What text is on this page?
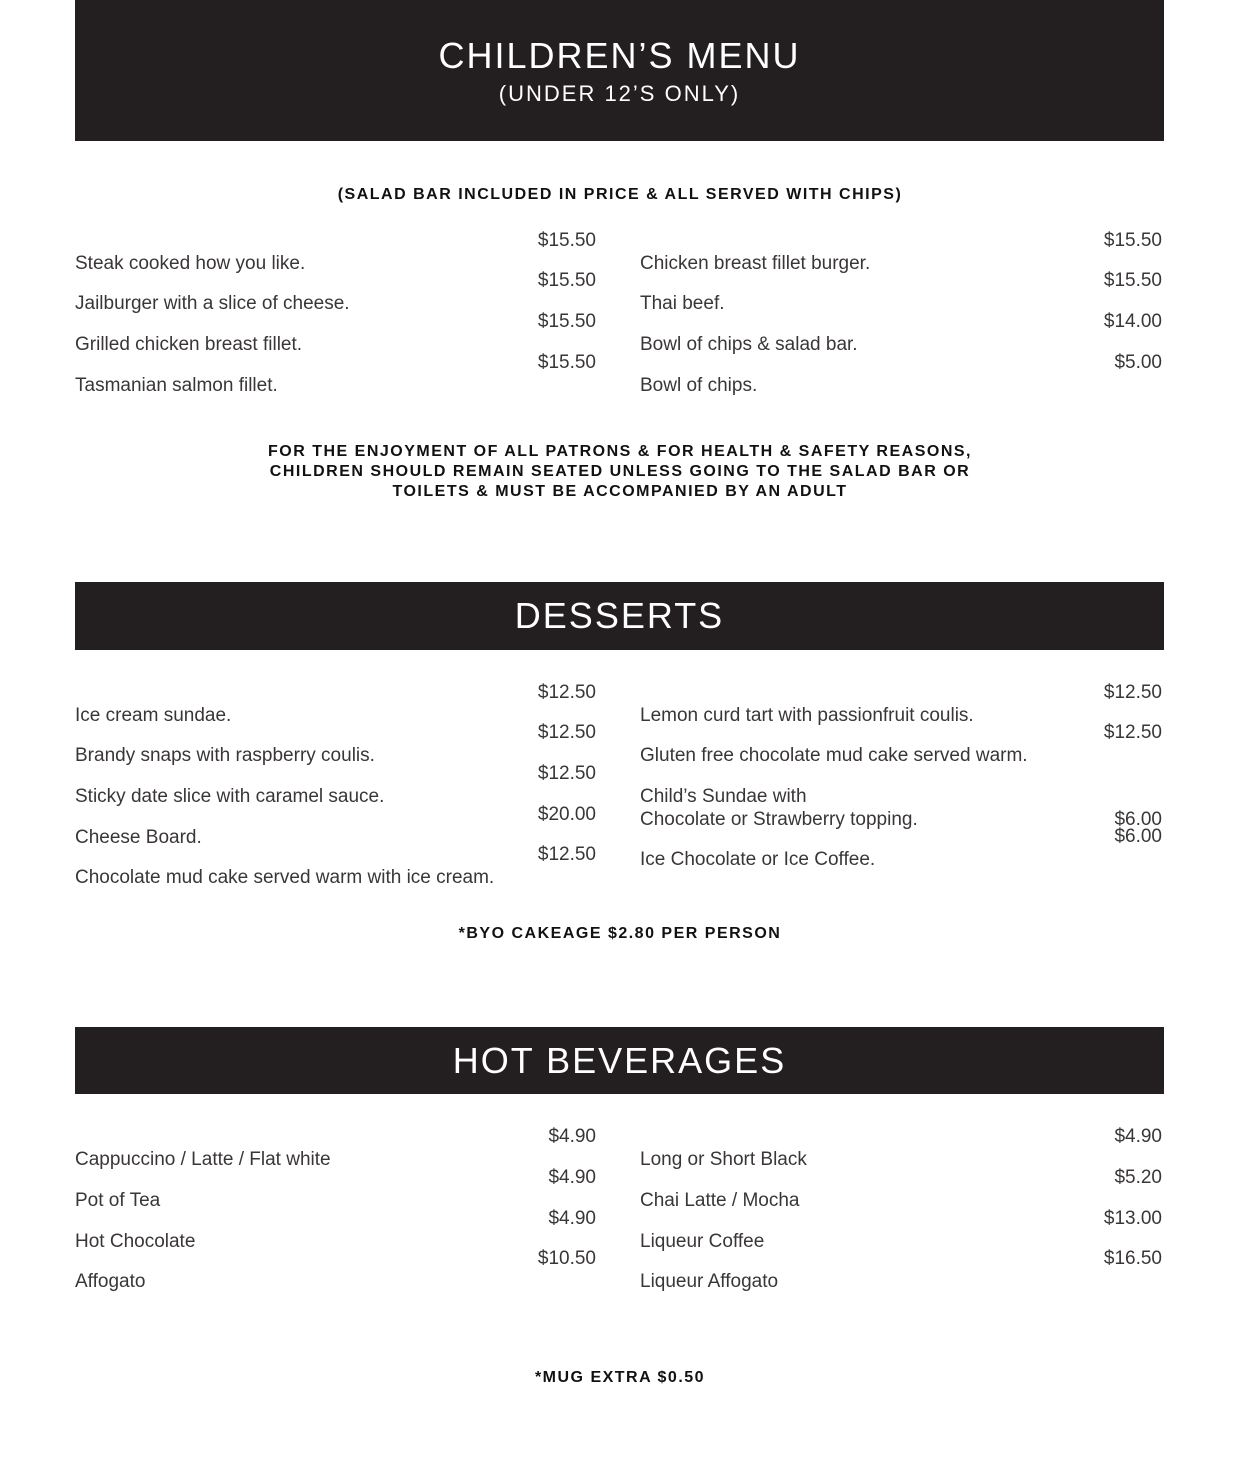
CHILDREN’S MENU
(UNDER 12’S ONLY)
(SALAD BAR INCLUDED IN PRICE & ALL SERVED WITH CHIPS)
Steak cooked how you like.
$15.50
Jailburger with a slice of cheese.
$15.50
Grilled chicken breast fillet.
$15.50
Tasmanian salmon fillet.
$15.50
Chicken breast fillet burger.
$15.50
Thai beef.
$15.50
Bowl of chips & salad bar.
$14.00
Bowl of chips.
$5.00
FOR THE ENJOYMENT OF ALL PATRONS & FOR HEALTH & SAFETY REASONS,
CHILDREN SHOULD REMAIN SEATED UNLESS GOING TO THE SALAD BAR OR
TOILETS & MUST BE ACCOMPANIED BY AN ADULT
DESSERTS
Ice cream sundae.
$12.50
Brandy snaps with raspberry coulis.
$12.50
Sticky date slice with caramel sauce.
$12.50
Cheese Board.
$20.00
Chocolate mud cake served warm with ice cream.
$12.50
Lemon curd tart with passionfruit coulis.
$12.50
Gluten free chocolate mud cake served warm.
$12.50
Child’s Sundae with
Chocolate or Strawberry topping.	$6.00
Ice Chocolate or Ice Coffee.
$6.00
*BYO CAKEAGE $2.80 PER PERSON
HOT BEVERAGES
Cappuccino / Latte / Flat white
$4.90
Pot of Tea
$4.90
Hot Chocolate
$4.90
Affogato
$10.50
Long or Short Black
$4.90
Chai Latte / Mocha
$5.20
Liqueur Coffee
$13.00
Liqueur Affogato
$16.50
*MUG EXTRA $0.50
